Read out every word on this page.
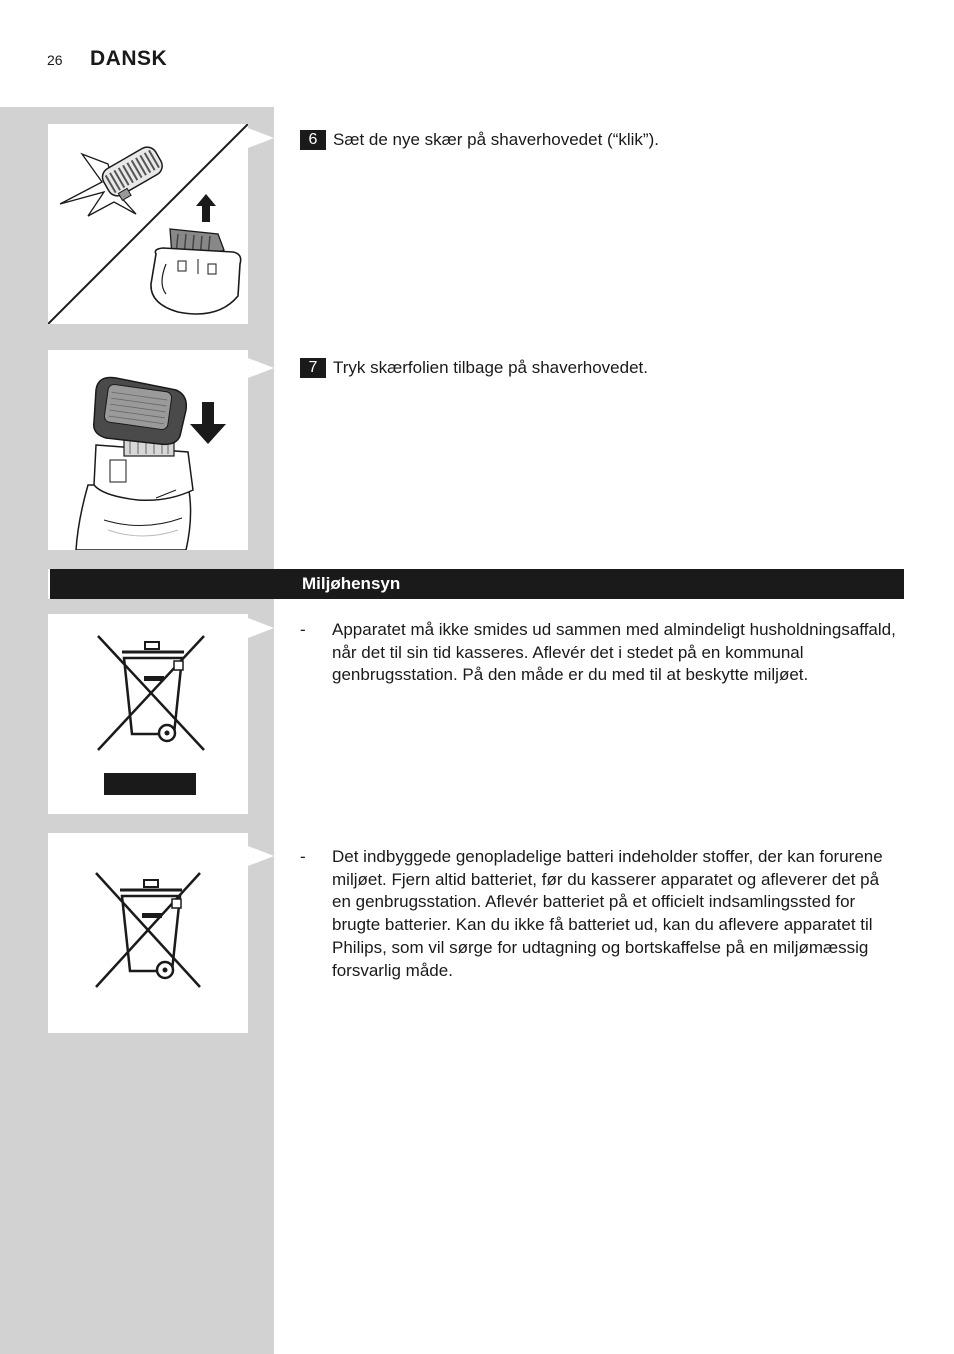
26 DANSK
6 Sæt de nye skær på shaverhovedet (“klik”).
7 Tryk skærfolien tilbage på shaverhovedet.
Miljøhensyn
- Apparatet må ikke smides ud sammen med almindeligt husholdningsaffald, når det til sin tid kasseres. Aflevér det i stedet på en kommunal genbrugsstation. På den måde er du med til at beskytte miljøet.
- Det indbyggede genopladelige batteri indeholder stoffer, der kan forurene miljøet. Fjern altid batteriet, før du kasserer apparatet og afleverer det på en genbrugsstation. Aflevér batteriet på et officielt indsamlingssted for brugte batterier. Kan du ikke få batteriet ud, kan du aflevere apparatet til Philips, som vil sørge for udtagning og bortskaffelse på en miljømæssig forsvarlig måde.
